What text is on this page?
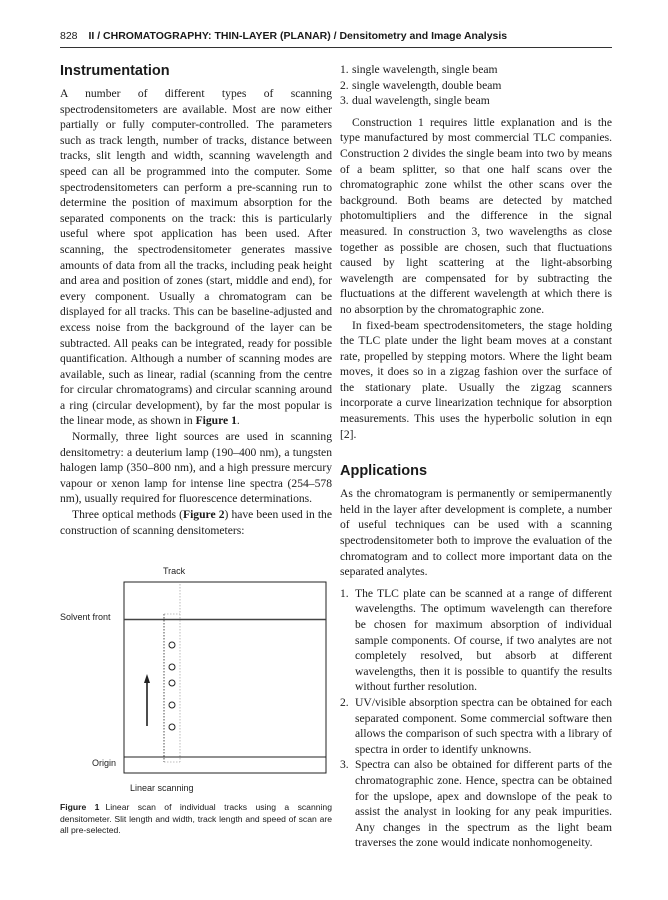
828 II / CHROMATOGRAPHY: THIN-LAYER (PLANAR) / Densitometry and Image Analysis
Instrumentation

A number of different types of scanning spectrodensitometers are available. Most are now either partially or fully computer-controlled. The parameters such as track length, number of tracks, distance between tracks, slit length and width, scanning wavelength and speed can all be programmed into the computer. Some spectrodensitometers can perform a pre-scanning run to determine the position of maximum absorption for the separated components on the track: this is particularly useful where spot application has been used. After scanning, the spectrodensitometer generates massive amounts of data from all the tracks, including peak height and area and position of zones (start, middle and end), for every component. Usually a chromatogram can be displayed for all tracks. This can be baseline-adjusted and excess noise from the background of the layer can be subtracted. All peaks can be integrated, ready for possible quantification. Although a number of scanning modes are available, such as linear, radial (scanning from the centre for circular chromatograms) and circular scanning around a ring (circular development), by far the most popular is the linear mode, as shown in Figure 1.

Normally, three light sources are used in scanning densitometry: a deuterium lamp (190–400 nm), a tungsten halogen lamp (350–800 nm), and a high pressure mercury vapour or xenon lamp for intense line spectra (254–578 nm), usually required for fluorescence determinations.

Three optical methods (Figure 2) have been used in the construction of scanning densitometers:

Track
Solvent front
Origin
Linear scanning
Figure 1 Linear scan of individual tracks using a scanning densitometer. Slit length and width, track length and speed of scan are all pre-selected.
1. single wavelength, single beam
2. single wavelength, double beam
3. dual wavelength, single beam

Construction 1 requires little explanation and is the type manufactured by most commercial TLC companies. Construction 2 divides the single beam into two by means of a beam splitter, so that one half scans over the chromatographic zone whilst the other scans over the background. Both beams are detected by matched photomultipliers and the difference in the signal measured. In construction 3, two wavelengths as close together as possible are chosen, such that fluctuations caused by light scattering at the light-absorbing wavelength are compensated for by subtracting the fluctuations at the different wavelength at which there is no absorption by the chromatographic zone.

In fixed-beam spectrodensitometers, the stage holding the TLC plate under the light beam moves at a constant rate, propelled by stepping motors. Where the light beam moves, it does so in a zigzag fashion over the surface of the stationary plate. Usually the zigzag scanners incorporate a curve linearization technique for absorption measurements. This uses the hyperbolic solution in eqn [2].

Applications

As the chromatogram is permanently or semipermanently held in the layer after development is complete, a number of useful techniques can be used with a scanning spectrodensitometer both to improve the evaluation of the chromatogram and to collect more important data on the separated analytes.

1. The TLC plate can be scanned at a range of different wavelengths. The optimum wavelength can therefore be chosen for maximum absorption of individual sample components. Of course, if two analytes are not completely resolved, but absorb at different wavelengths, then it is possible to quantify the results without further resolution.
2. UV/visible absorption spectra can be obtained for each separated component. Some commercial software then allows the comparison of such spectra with a library of spectra in order to identify unknowns.
3. Spectra can also be obtained for different parts of the chromatographic zone. Hence, spectra can be obtained for the upslope, apex and downslope of the peak to assist the analyst in looking for any peak impurities. Any changes in the spectrum as the light beam traverses the zone would indicate nonhomogeneity.
